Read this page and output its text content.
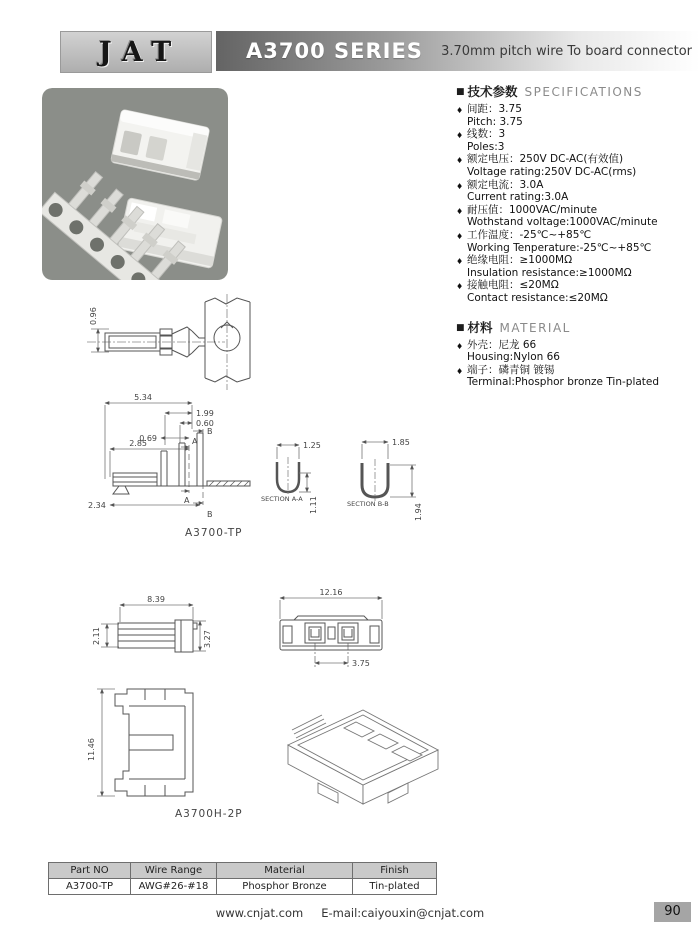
JAT	A3700 SERIES 3.70mm pitch wire To board connector
■ 技术参数 SPECIFICATIONS
♦ 间距：3.75
Pitch: 3.75
♦ 线数：3
Poles:3
♦ 额定电压：250V DC-AC(有效值)
Voltage rating:250V DC-AC(rms)
♦ 额定电流：3.0A
Current rating:3.0A
♦ 耐压值：1000VAC/minute
Wothstand voltage:1000VAC/minute
♦ 工作温度：-25℃~+85℃
Working Tenperature:-25℃~+85℃
♦ 绝缘电阻：≥1000MΩ
Insulation resistance:≥1000MΩ
♦ 接触电阻：≤20MΩ
Contact resistance:≤20MΩ
■ 材料 MATERIAL
♦ 外壳：尼龙 66
Housing:Nylon 66
♦ 端子：磷青铜 镀锡
Terminal:Phosphor bronze Tin-plated
0.96
5.34
1.99
0.60
B
B
A
A
0.69
2.85
2.34
1.25
1.11
SECTION A-A
1.85
1.94
SECTION B-B
A3700-TP
8.39
2.11	3.27
12.16
3.75
11.46
A3700H-2P
Part NO	Wire Range	Material	Finish
A3700-TP	AWG#26-#18	Phosphor Bronze	Tin-plated
www.cnjat.com E-mail:caiyouxin@cnjat.com	90
